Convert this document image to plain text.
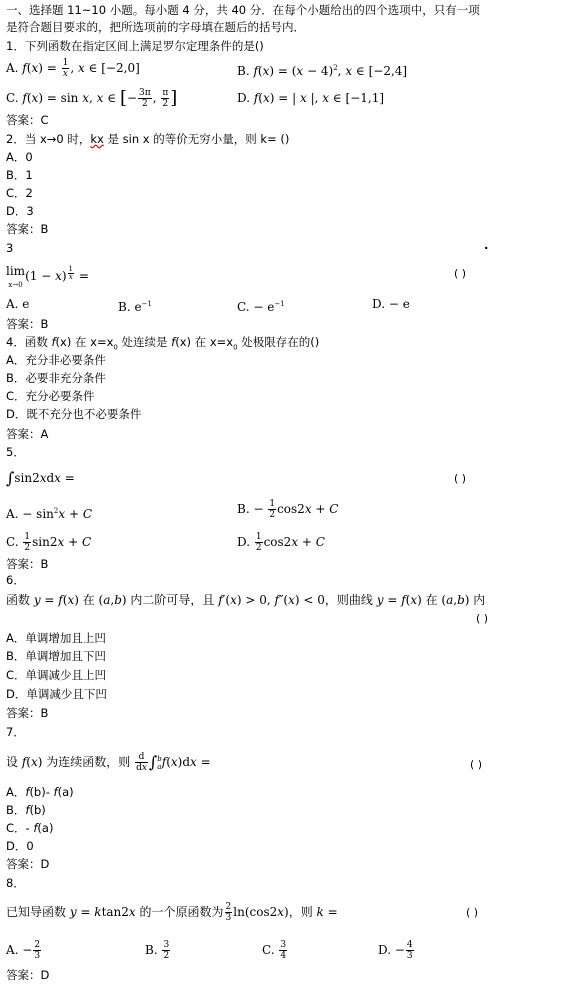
一、选择题 11~10 小题。每小题 4 分，共 40 分．在每个小题给出的四个选项中，只有一项
是符合题目要求的，把所选项前的字母填在题后的括号内．
1．下列函数在指定区间上满足罗尔定理条件的是()
A. $f(x) = \frac{1}{x}$ , x ∈ [−2,0]	B. $f(x) = (x - 4)^2$, x ∈ [−2,4]
C. f(x) = sin x, x ∈ [− $\frac{3\pi}{2}$ , $\frac{\pi}{2}$ ]	D. f(x) = | x |, x ∈ [−1,1]
答案：C
2．当 x→0 时，kx 是 sin x 的等价无穷小量，则 k= ()
A．0
B．1
C．2
D．3
答案：B
3	·
lim
x→0(1 − x) $^{\frac{1}{x}}$ =	( )
A. e	B. $e^{-1}$	C. − $e^{-1}$	D. − e
答案：B
4．函数 f(x) 在 $x=x_0$ 处连续是 f(x) 在 $x=x_0$ 处极限存在的()
A．充分非必要条件
B．必要非充分条件
C．充分必要条件
D．既不充分也不必要条件
答案：A
5．
∫sin2xdx =	( )
A. − $\sin^2x + C$	B. − $\frac{1}{2} \cos 2x + C$
C. $\frac{1}{2} \sin 2x + C$	D. $\frac{1}{2} \cos 2x + C$
答案：B
6．
函数 y = f(x) 在 (a,b) 内二阶可导，且 f′(x) > 0, f″(x) < 0，则曲线 y = f(x) 在 (a,b) 内
( )
A．单调增加且上凹
B．单调增加且下凹
C．单调减少且上凹
D．单调减少且下凹
答案：B
7．
设 f(x) 为连续函数，则 $\frac{d}{dx} \int b$
af(x)dx =	( )
A．f(b)- f(a)
B．f(b)
C．- f(a)
D．0
答案：D
8．
已知导函数 y = ktan2x 的一个原函数为 $\frac{2}{3} \ln(\cos 2x)$，则 k =	( )
A. − $\frac{2}{3}$	B. $\frac{3}{2}$	C. $\frac{3}{4}$	D. − $\frac{4}{3}$
答案：D
